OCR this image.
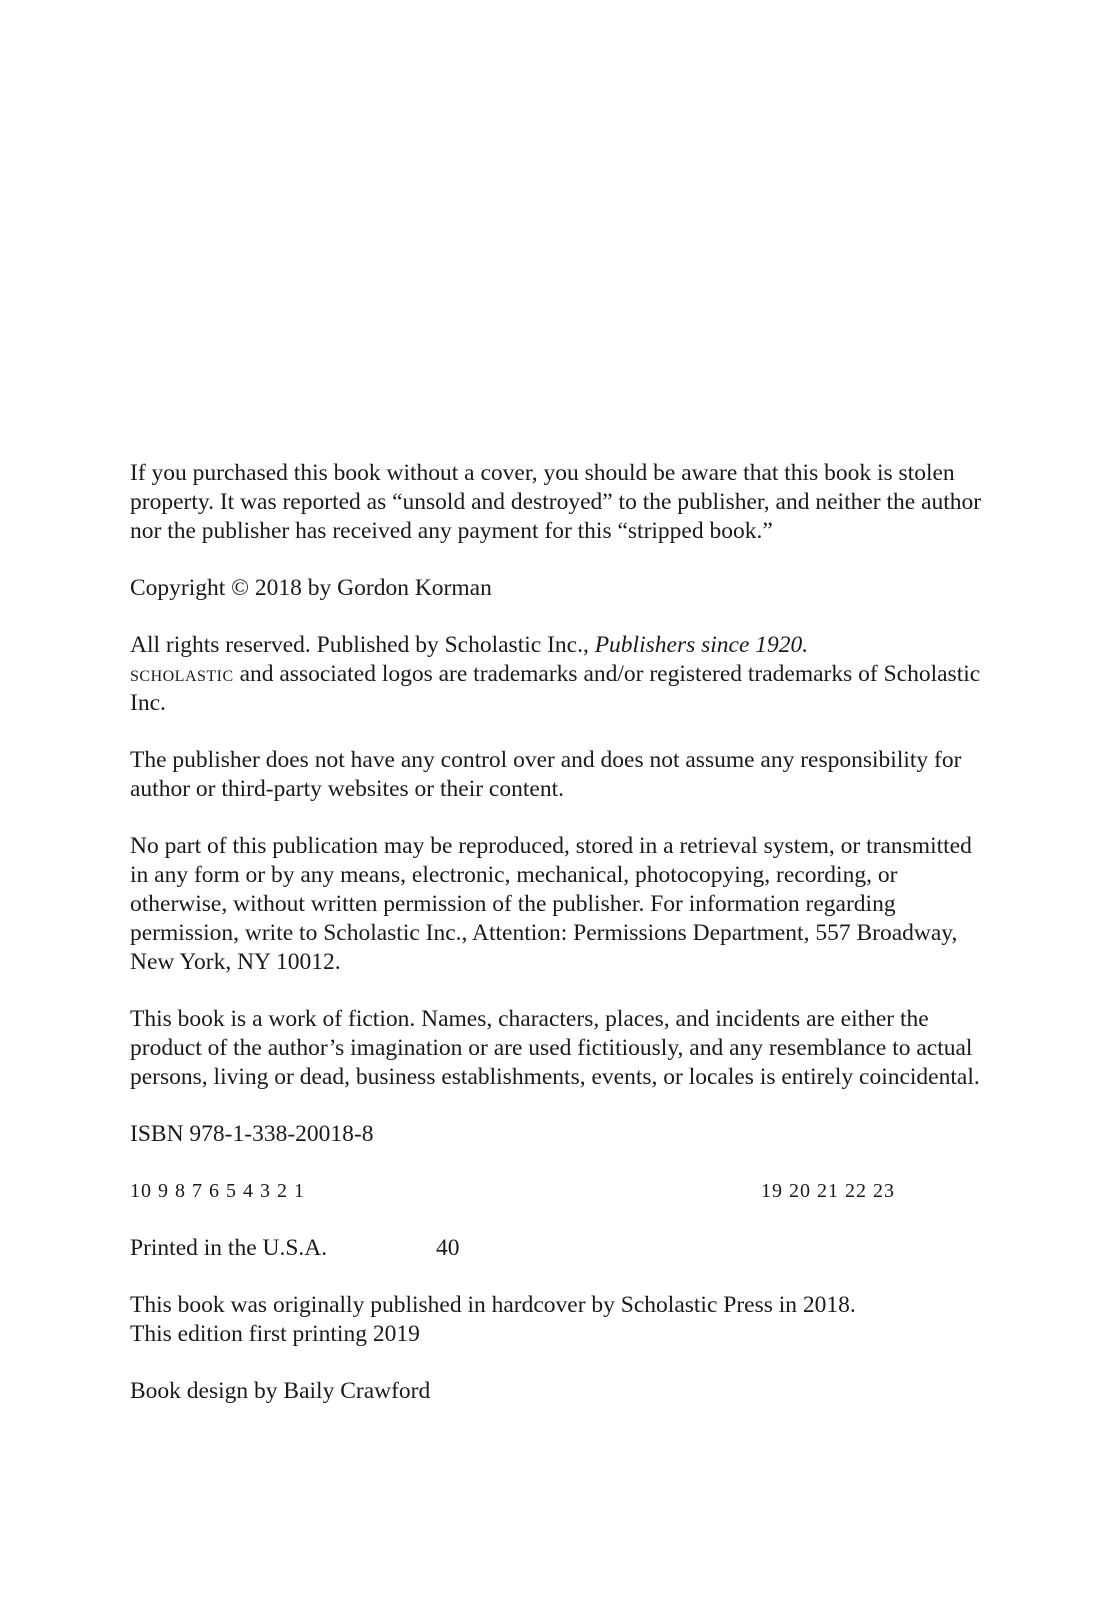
If you purchased this book without a cover, you should be aware that this book is stolen property. It was reported as “unsold and destroyed” to the publisher, and neither the author nor the publisher has received any payment for this “stripped book.”

Copyright © 2018 by Gordon Korman

All rights reserved. Published by Scholastic Inc., Publishers since 1920.
scholastic and associated logos are trademarks and/or registered trademarks of Scholastic Inc.

The publisher does not have any control over and does not assume any responsibility for author or third-party websites or their content.

No part of this publication may be reproduced, stored in a retrieval system, or transmitted in any form or by any means, electronic, mechanical, photocopying, recording, or otherwise, without written permission of the publisher. For information regarding permission, write to Scholastic Inc., Attention: Permissions Department, 557 Broadway, New York, NY 10012.

This book is a work of fiction. Names, characters, places, and incidents are either the product of the author’s imagination or are used fictitiously, and any resemblance to actual persons, living or dead, business establishments, events, or locales is entirely coincidental.

ISBN 978-1-338-20018-8

10 9 8 7 6 5 4 3 2 1	19 20 21 22 23
Printed in the U.S.A.	40

This book was originally published in hardcover by Scholastic Press in 2018.
This edition first printing 2019

Book design by Baily Crawford
